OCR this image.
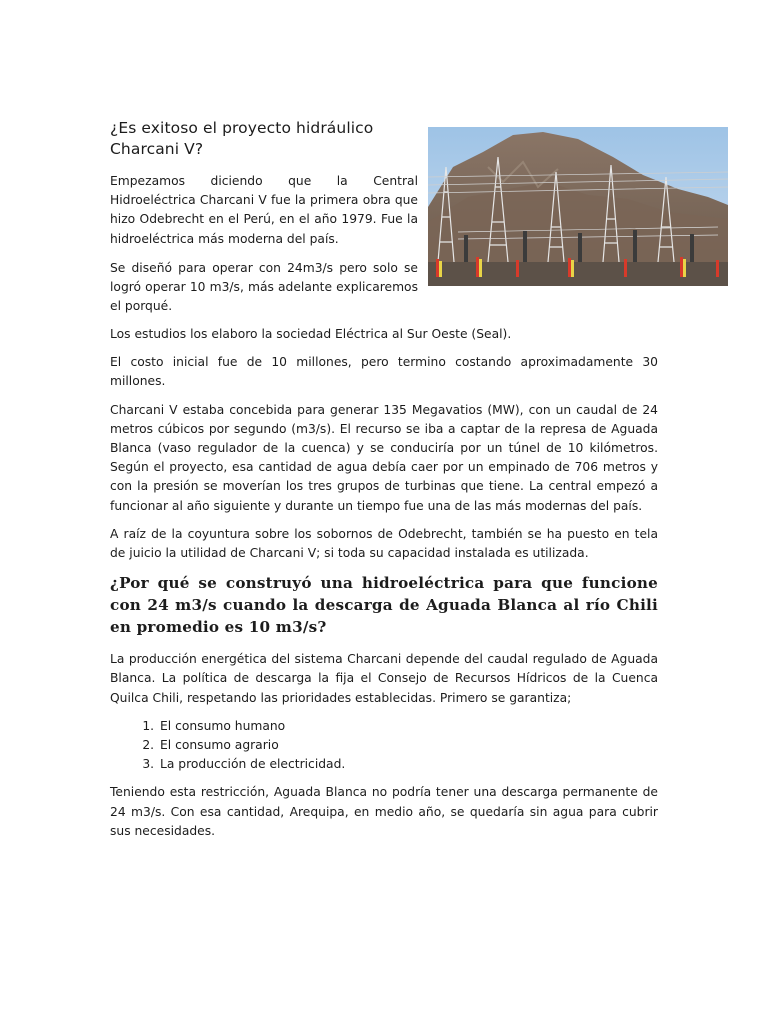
¿Es exitoso el proyecto hidráulico Charcani V?

Empezamos diciendo que la Central Hidroeléctrica Charcani V fue la primera obra que hizo Odebrecht en el Perú, en el año 1979. Fue la hidroeléctrica más moderna del país.

Se diseñó para operar con 24m3/s pero solo se logró operar 10 m3/s, más adelante explicaremos el porqué.

Los estudios los elaboro la sociedad Eléctrica al Sur Oeste (Seal).

El costo inicial fue de 10 millones, pero termino costando aproximadamente 30 millones.

Charcani V estaba concebida para generar 135 Megavatios (MW), con un caudal de 24 metros cúbicos por segundo (m3/s). El recurso se iba a captar de la represa de Aguada Blanca (vaso regulador de la cuenca) y se conduciría por un túnel de 10 kilómetros. Según el proyecto, esa cantidad de agua debía caer por un empinado de 706 metros y con la presión se moverían los tres grupos de turbinas que tiene. La central empezó a funcionar al año siguiente y durante un tiempo fue una de las más modernas del país.

A raíz de la coyuntura sobre los sobornos de Odebrecht, también se ha puesto en tela de juicio la utilidad de Charcani V; si toda su capacidad instalada es utilizada.

¿Por qué se construyó una hidroeléctrica para que funcione con 24 m3/s cuando la descarga de Aguada Blanca al río Chili en promedio es 10 m3/s?

La producción energética del sistema Charcani depende del caudal regulado de Aguada Blanca. La política de descarga la fija el Consejo de Recursos Hídricos de la Cuenca Quilca Chili, respetando las prioridades establecidas. Primero se garantiza;

1. El consumo humano
2. El consumo agrario
3. La producción de electricidad.

Teniendo esta restricción, Aguada Blanca no podría tener una descarga permanente de 24 m3/s. Con esa cantidad, Arequipa, en medio año, se quedaría sin agua para cubrir sus necesidades.
